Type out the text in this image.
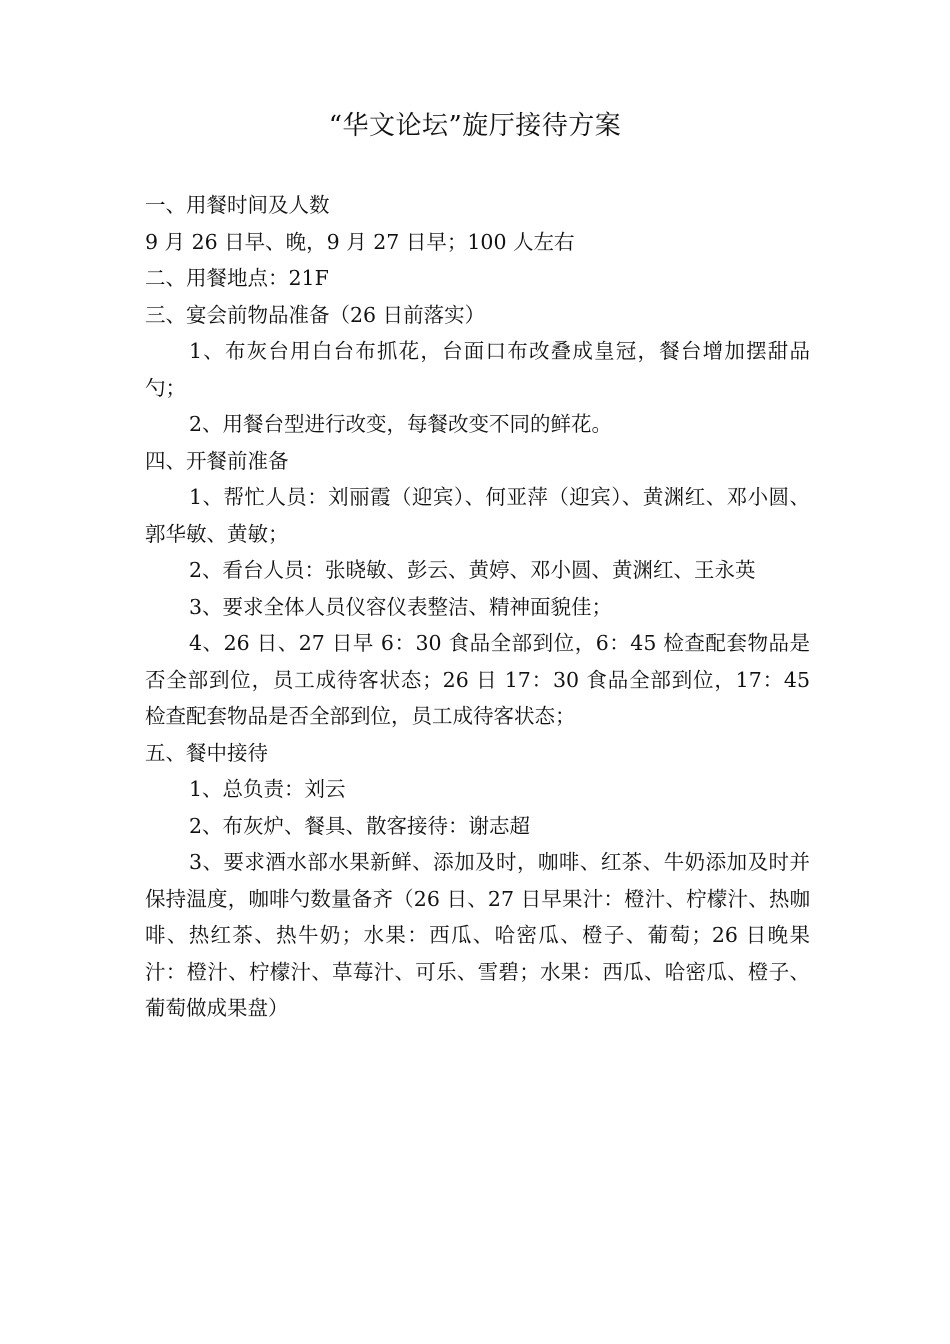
“华文论坛”旋厅接待方案

一、用餐时间及人数

9 月 26 日早、晚，9 月 27 日早；100 人左右

二、用餐地点：21F

三、宴会前物品准备（26 日前落实）

1、布灰台用白台布抓花，台面口布改叠成皇冠，餐台增加摆甜品勺；

2、用餐台型进行改变，每餐改变不同的鲜花。

四、开餐前准备

1、帮忙人员：刘丽霞（迎宾）、何亚萍（迎宾）、黄渊红、邓小圆、郭华敏、黄敏；

2、看台人员：张晓敏、彭云、黄婷、邓小圆、黄渊红、王永英

3、要求全体人员仪容仪表整洁、精神面貌佳；

4、26 日、27 日早 6：30 食品全部到位，6：45 检查配套物品是否全部到位，员工成待客状态；26 日 17：30 食品全部到位，17：45 检查配套物品是否全部到位，员工成待客状态；

五、餐中接待

1、总负责：刘云

2、布灰炉、餐具、散客接待：谢志超

3、要求酒水部水果新鲜、添加及时，咖啡、红茶、牛奶添加及时并保持温度，咖啡勺数量备齐（26 日、27 日早果汁：橙汁、柠檬汁、热咖啡、热红茶、热牛奶；水果：西瓜、哈密瓜、橙子、葡萄；26 日晚果汁：橙汁、柠檬汁、草莓汁、可乐、雪碧；水果：西瓜、哈密瓜、橙子、葡萄做成果盘）
